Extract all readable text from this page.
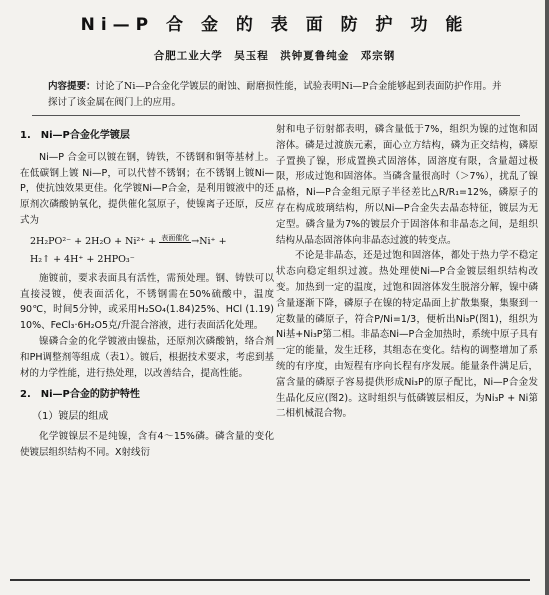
Ni—P 合 金 的 表 面 防 护 功 能
合肥工业大学　吴玉程　洪钟夏鲁纯金　邓宗钢
内容提要：讨论了Ni—P合金化学镀层的耐蚀、耐磨损性能，试验表明Ni—P合金能够起到表面防护作用。并探讨了该金属在阀门上的应用。
1.　Ni—P合金化学镀层

Ni—P 合金可以镀在钢，铸铁，不锈钢和铜等基材上。在低碳钢上镀 Ni—P，可以代替不锈钢；在不锈钢上镀Ni—P，使抗蚀效果更佳。化学镀Ni—P合金，是利用镀液中的还原剂次磷酸钠氧化，提供催化氢原子，使镍离子还原，反应式为

2H₂PO²⁻ + 2H₂O + Ni²⁺ + 表面催化 →Ni⁺ +
H₂↑ + 4H⁺ + 2HPO₃⁻

施镀前，要求表面具有活性，需预处理。钢、铸铁可以直接浸镀，使表面活化，不锈钢需在50%硫酸中，温度90℃，时间5分钟，或采用H₂SO₄(1.84)25%、HCl (1.19) 10%、FeCl₃·6H₂O5克/升混合溶液，进行表面活化处理。

镍磷合金的化学镀液由镍盐，还原剂次磷酸钠，络合剂和PH调整剂等组成（表1）。镀后，根据技术要求，考虑到基材的力学性能，进行热处理，以改善结合，提高性能。

2.　Ni—P合金的防护特性
（1）镀层的组成

化学镀镍层不是纯镍，含有4～15%磷。磷含量的变化使镀层组织结构不同。X射线衍

射和电子衍射都表明，磷含量低于7%，组织为镍的过饱和固溶体。磷是过渡族元素，面心立方结构，磷为正交结构，磷原子置换了镍，形成置换式固溶体，固溶度有限，含量超过极限，形成过饱和固溶体。当磷含量很高时（＞7%），扰乱了镍晶格，Ni—P合金组元原子半径差比△R/R₁=12%，磷原子的存在构成玻璃结构，所以Ni—P合金失去晶态特征，镀层为无定型。磷含量为7%的镀层介于固溶体和非晶态之间，是组织结构从晶态固溶体向非晶态过渡的转变点。

不论是非晶态，还是过饱和固溶体，都处于热力学不稳定状态向稳定组织过渡。热处理使Ni—P合金镀层组织结构改变。加热到一定的温度，过饱和固溶体发生脱溶分解，镍中磷含量逐渐下降，磷原子在镍的特定晶面上扩散集聚，集聚到一定数量的磷原子，符合P/Ni=1/3，便析出Ni₃P(图1)，组织为Ni基+Ni₃P第二相。非晶态Ni—P合金加热时，系统中原子具有一定的能量，发生迁移，其组态在变化。结构的调整增加了系统的有序度，由短程有序向长程有序发展。能量条件满足后，富含量的磷原子容易提供形成Ni₃P的原子配比，Ni—P合金发生晶化反应(图2)。这时组织与低磷镀层相反，为Ni₃P + Ni第二相机械混合物。
